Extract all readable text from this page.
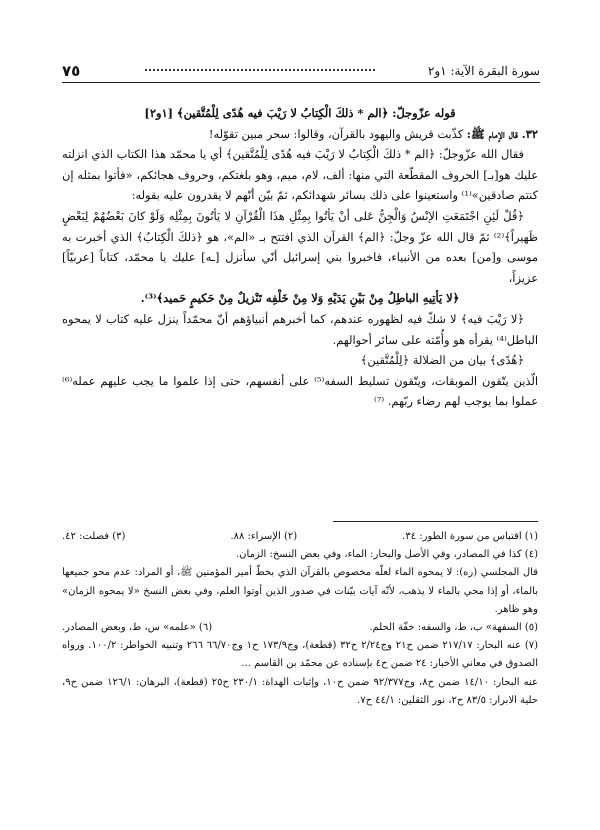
سورة البقرة الآية: ١و٢
٧٥

قوله عزّوجلّ: ﴿الم * ذلكَ الْكِتابُ لا رَيْبَ فيه هُدًى لِلْمُتَّقين﴾ [١و٢]

٣٢. قال الإمام ﷺ: كذّبت قريش واليهود بالقرآن، وقالوا: سحر مبين تقوّله!

فقال الله عزّوجلّ: ﴿الم * ذلكَ الْكِتابُ لا رَيْبَ فيه هُدًى لِلْمُتَّقين﴾ أي يا محمّد هذا الكتاب الذي انزلته عليك هو[بـ] الحروف المقطّعة التي منها: ألف، لام، ميم، وهو بلغتكم، وحروف هجائكم، «فأتوا بمثله إن كنتم صادقين»⁽¹⁾ واستعينوا على ذلك بسائر شهدائكم، ثمّ بيّن أنّهم لا يقدرون عليه بقوله:

﴿قُلْ لَئِنِ اجْتَمَعَتِ الإنْسُ وَالْجِنُّ عَلى أنْ يَأتُوا بِمِثْلِ هذَا الْقُرْآنِ لا يَأتُونَ بِمِثْلِه وَلَوْ كانَ بَعْضُهُمْ لِبَعْضٍ ظَهيراً﴾⁽²⁾ ثمّ قال الله عزّ وجلّ: ﴿الم﴾ القرآن الذي افتتح بـ «الم»، هو ﴿ذلكَ الْكِتابُ﴾ الذي أخبرت به موسى و[من] بعده من الأنبياء، فاخبروا بني إسرائيل أنّي سأنزل [ـه] عليك يا محمّد، كتاباً [عربيّاً] عزيزاً،

﴿لا يَأتِيهِ الباطِلُ مِنْ بَيْنِ يَدَيْهِ وَلا مِنْ خَلْفِه تَنْزيلٌ مِنْ حَكيمٍ حَميد﴾⁽³⁾.

﴿لا رَيْبَ فيه﴾ لا شكّ فيه لظهوره عندهم، كما أخبرهم أنبياؤهم أنّ محمّداً ينزل عليه كتاب لا يمحوه الباطل⁽⁴⁾ يقرأه هو وأُمّته على سائر أحوالهم.

﴿هُدًى﴾ بيان من الضلالة ﴿لِلْمُتَّقين﴾

الّذين يتّقون الموبقات، ويتّقون تسليط السفه⁽⁵⁾ على أنفسهم، حتى إذا علموا ما يجب عليهم عمله⁽⁶⁾ عملوا بما يوجب لهم رضاء ربّهم. ⁽⁷⁾

(١) اقتباس من سورة الطور: ٣٤.
(٢) الإسراء: ٨٨.
(٣) فصلت: ٤٢.

(٤) كذا في المصادر، وفي الأصل والبحار: الماء، وفي بعض النسخ: الزمان.

قال المجلسي (ره): لا يمحوه الماء لعلّه مخصوص بالقرآن الذي بخطّ أمير المؤمنين ﷺ، أو المراد: عدم محو جميعها بالماء، أو إذا محي بالماء لا يذهب، لأنّه آيات بيّنات في صدور الذين أوتوا العلم، وفي بعض النسخ «لا يمحوه الزمان» وهو ظاهر.

(٥) السفهة» ب، ط، والسفه: خفّة الحلم.
(٦) «علمه» س، ط، وبعض المصادر.

(٧) عنه البحار: ٢١٧/١٧ ضمن ح٢١ وج٢/٢٤ ح٣٢ (قطعة)، وج١٧٣/٩ ح١ وج٦٦/٧٠ ٢٦٦ وتنبيه الخواطر: ١٠٠/٢. ورواه الصدوق في معاني الأخبار: ٢٤ ضمن ح٤ بإسناده عن محمّد بن القاسم ...

عنه البحار: ١٤/١٠ ضمن ح٨، وج٩٢/٣٧٧ ضمن ح١٠، وإثبات الهداة: ٢٣٠/١ ح٢٥ (قطعة)، البرهان: ١٢٦/١ ضمن ح٩، حلية الابرار: ٨٣/٥ ح٢، نور الثقلين: ٤٤/١ ح٧.
